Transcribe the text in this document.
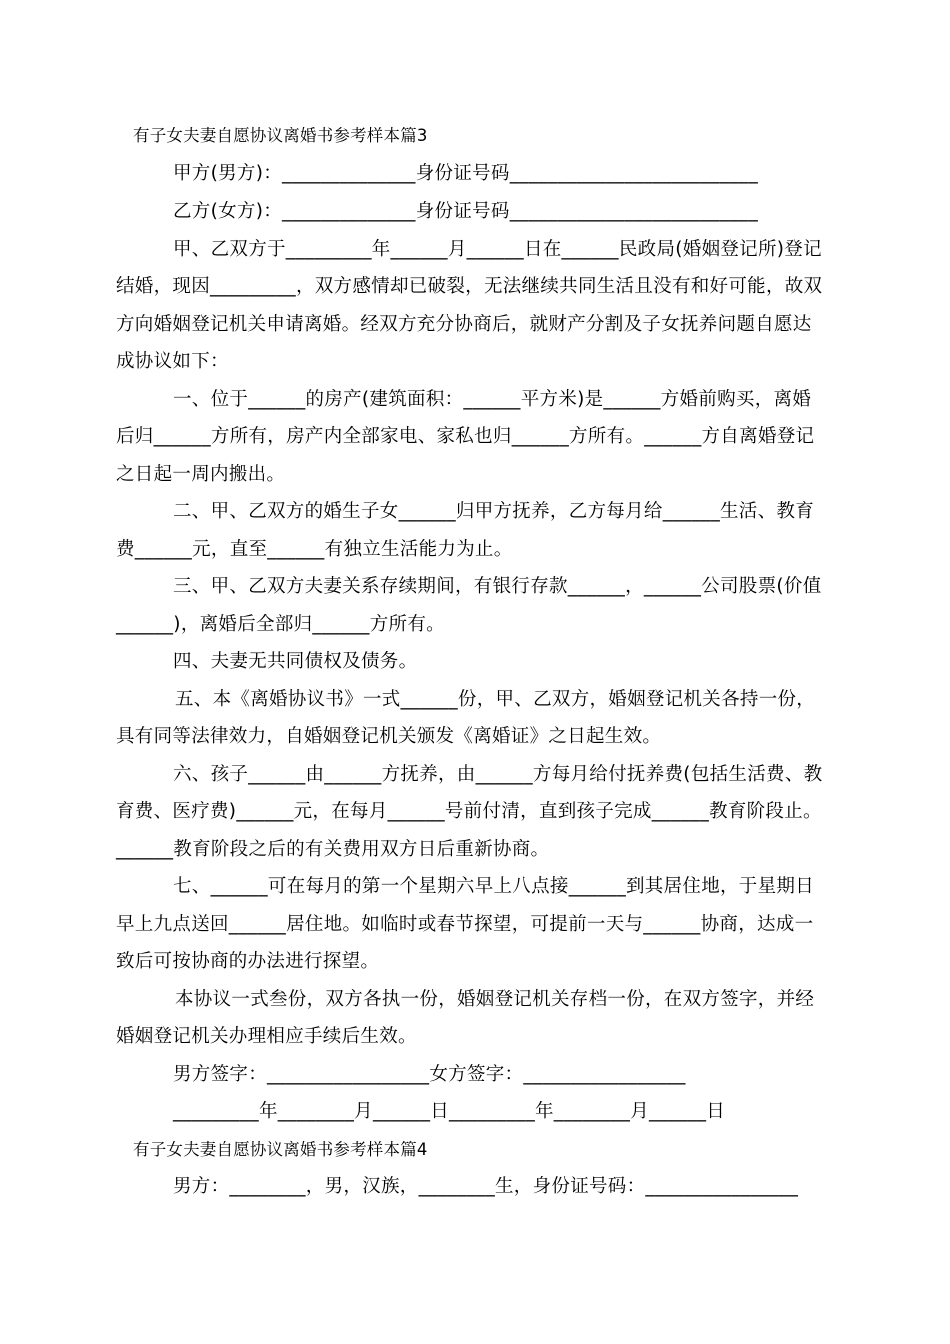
有子女夫妻自愿协议离婚书参考样本篇3
甲方(男方)：______________身份证号码__________________________
乙方(女方)：______________身份证号码__________________________
甲、乙双方于_________年______月______日在______民政局(婚姻登记所)登记
结婚，现因_________，双方感情却已破裂，无法继续共同生活且没有和好可能，故双
方向婚姻登记机关申请离婚。经双方充分协商后，就财产分割及子女抚养问题自愿达
成协议如下：
一、位于______的房产(建筑面积：______平方米)是______方婚前购买，离婚
后归______方所有，房产内全部家电、家私也归______方所有。______方自离婚登记
之日起一周内搬出。
二、甲、乙双方的婚生子女______归甲方抚养，乙方每月给______生活、教育
费______元，直至______有独立生活能力为止。
三、甲、乙双方夫妻关系存续期间，有银行存款______，______公司股票(价值
______)，离婚后全部归______方所有。
四、夫妻无共同债权及债务。
五、本《离婚协议书》一式______份，甲、乙双方，婚姻登记机关各持一份，
具有同等法律效力，自婚姻登记机关颁发《离婚证》之日起生效。
六、孩子______由______方抚养，由______方每月给付抚养费(包括生活费、教
育费、医疗费)______元，在每月______号前付清，直到孩子完成______教育阶段止。
______教育阶段之后的有关费用双方日后重新协商。
七、______可在每月的第一个星期六早上八点接______到其居住地，于星期日
早上九点送回______居住地。如临时或春节探望，可提前一天与______协商，达成一
致后可按协商的办法进行探望。
本协议一式叁份，双方各执一份，婚姻登记机关存档一份，在双方签字，并经
婚姻登记机关办理相应手续后生效。
男方签字：_________________女方签字：_________________
_________年________月______日_________年________月______日
有子女夫妻自愿协议离婚书参考样本篇4
男方：________，男，汉族，________生，身份证号码：________________
